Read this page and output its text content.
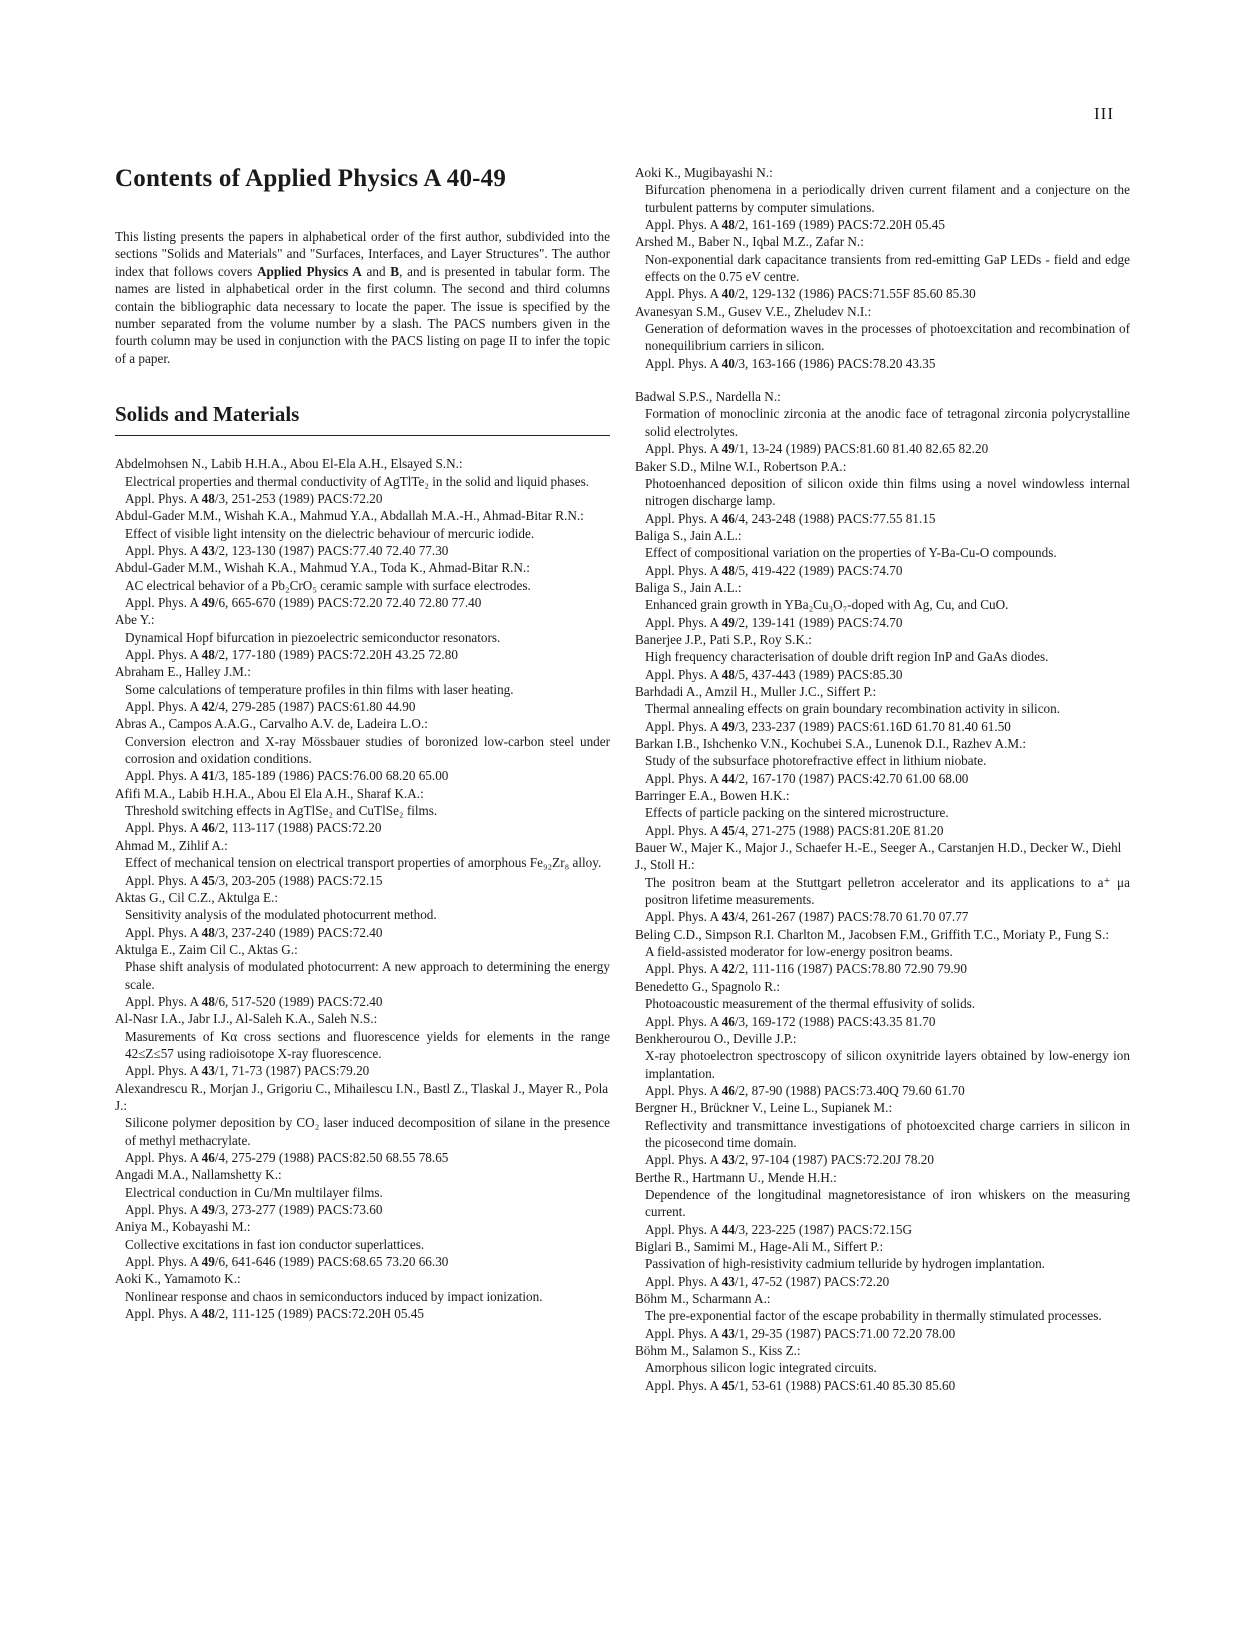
III
Contents of Applied Physics A 40-49

This listing presents the papers in alphabetical order of the first author, subdivided into the sections "Solids and Materials" and "Surfaces, Interfaces, and Layer Structures". The author index that follows covers Applied Physics A and B, and is presented in tabular form. The names are listed in alphabetical order in the first column. The second and third columns contain the bibliographic data necessary to locate the paper. The issue is specified by the number separated from the volume number by a slash. The PACS numbers given in the fourth column may be used in conjunction with the PACS listing on page II to infer the topic of a paper.

Solids and Materials
Abdelmohsen N., Labib H.H.A., Abou El-Ela A.H., Elsayed S.N.:
Electrical properties and thermal conductivity of AgTlTe₂ in the solid and liquid phases.
Appl. Phys. A 48/3, 251-253 (1989) PACS:72.20
Abdul-Gader M.M., Wishah K.A., Mahmud Y.A., Abdallah M.A.-H., Ahmad-Bitar R.N.:
Effect of visible light intensity on the dielectric behaviour of mercuric iodide.
Appl. Phys. A 43/2, 123-130 (1987) PACS:77.40 72.40 77.30
Abdul-Gader M.M., Wishah K.A., Mahmud Y.A., Toda K., Ahmad-Bitar R.N.:
AC electrical behavior of a Pb₂CrO₅ ceramic sample with surface electrodes.
Appl. Phys. A 49/6, 665-670 (1989) PACS:72.20 72.40 72.80 77.40
Abe Y.:
Dynamical Hopf bifurcation in piezoelectric semiconductor resonators.
Appl. Phys. A 48/2, 177-180 (1989) PACS:72.20H 43.25 72.80
Abraham E., Halley J.M.:
Some calculations of temperature profiles in thin films with laser heating.
Appl. Phys. A 42/4, 279-285 (1987) PACS:61.80 44.90
Abras A., Campos A.A.G., Carvalho A.V. de, Ladeira L.O.:
Conversion electron and X-ray Mössbauer studies of boronized low-carbon steel under corrosion and oxidation conditions.
Appl. Phys. A 41/3, 185-189 (1986) PACS:76.00 68.20 65.00
Afifi M.A., Labib H.H.A., Abou El Ela A.H., Sharaf K.A.:
Threshold switching effects in AgTlSe₂ and CuTlSe₂ films.
Appl. Phys. A 46/2, 113-117 (1988) PACS:72.20
Ahmad M., Zihlif A.:
Effect of mechanical tension on electrical transport properties of amorphous Fe₉₂Zr₈ alloy.
Appl. Phys. A 45/3, 203-205 (1988) PACS:72.15
Aktas G., Cil C.Z., Aktulga E.:
Sensitivity analysis of the modulated photocurrent method.
Appl. Phys. A 48/3, 237-240 (1989) PACS:72.40
Aktulga E., Zaim Cil C., Aktas G.:
Phase shift analysis of modulated photocurrent: A new approach to determining the energy scale.
Appl. Phys. A 48/6, 517-520 (1989) PACS:72.40
Al-Nasr I.A., Jabr I.J., Al-Saleh K.A., Saleh N.S.:
Masurements of Kα cross sections and fluorescence yields for elements in the range 42≤Z≤57 using radioisotope X-ray fluorescence.
Appl. Phys. A 43/1, 71-73 (1987) PACS:79.20
Alexandrescu R., Morjan J., Grigoriu C., Mihailescu I.N., Bastl Z., Tlaskal J., Mayer R., Pola J.:
Silicone polymer deposition by CO₂ laser induced decomposition of silane in the presence of methyl methacrylate.
Appl. Phys. A 46/4, 275-279 (1988) PACS:82.50 68.55 78.65
Angadi M.A., Nallamshetty K.:
Electrical conduction in Cu/Mn multilayer films.
Appl. Phys. A 49/3, 273-277 (1989) PACS:73.60
Aniya M., Kobayashi M.:
Collective excitations in fast ion conductor superlattices.
Appl. Phys. A 49/6, 641-646 (1989) PACS:68.65 73.20 66.30
Aoki K., Yamamoto K.:
Nonlinear response and chaos in semiconductors induced by impact ionization.
Appl. Phys. A 48/2, 111-125 (1989) PACS:72.20H 05.45
Aoki K., Mugibayashi N.:
Bifurcation phenomena in a periodically driven current filament and a conjecture on the turbulent patterns by computer simulations.
Appl. Phys. A 48/2, 161-169 (1989) PACS:72.20H 05.45
Arshed M., Baber N., Iqbal M.Z., Zafar N.:
Non-exponential dark capacitance transients from red-emitting GaP LEDs - field and edge effects on the 0.75 eV centre.
Appl. Phys. A 40/2, 129-132 (1986) PACS:71.55F 85.60 85.30
Avanesyan S.M., Gusev V.E., Zheludev N.I.:
Generation of deformation waves in the processes of photoexcitation and recombination of nonequilibrium carriers in silicon.
Appl. Phys. A 40/3, 163-166 (1986) PACS:78.20 43.35
Badwal S.P.S., Nardella N.:
Formation of monoclinic zirconia at the anodic face of tetragonal zirconia polycrystalline solid electrolytes.
Appl. Phys. A 49/1, 13-24 (1989) PACS:81.60 81.40 82.65 82.20
Baker S.D., Milne W.I., Robertson P.A.:
Photoenhanced deposition of silicon oxide thin films using a novel windowless internal nitrogen discharge lamp.
Appl. Phys. A 46/4, 243-248 (1988) PACS:77.55 81.15
Baliga S., Jain A.L.:
Effect of compositional variation on the properties of Y-Ba-Cu-O compounds.
Appl. Phys. A 48/5, 419-422 (1989) PACS:74.70
Baliga S., Jain A.L.:
Enhanced grain growth in YBa₂Cu₃O₇-doped with Ag, Cu, and CuO.
Appl. Phys. A 49/2, 139-141 (1989) PACS:74.70
Banerjee J.P., Pati S.P., Roy S.K.:
High frequency characterisation of double drift region InP and GaAs diodes.
Appl. Phys. A 48/5, 437-443 (1989) PACS:85.30
Barhdadi A., Amzil H., Muller J.C., Siffert P.:
Thermal annealing effects on grain boundary recombination activity in silicon.
Appl. Phys. A 49/3, 233-237 (1989) PACS:61.16D 61.70 81.40 61.50
Barkan I.B., Ishchenko V.N., Kochubei S.A., Lunenok D.I., Razhev A.M.:
Study of the subsurface photorefractive effect in lithium niobate.
Appl. Phys. A 44/2, 167-170 (1987) PACS:42.70 61.00 68.00
Barringer E.A., Bowen H.K.:
Effects of particle packing on the sintered microstructure.
Appl. Phys. A 45/4, 271-275 (1988) PACS:81.20E 81.20
Bauer W., Majer K., Major J., Schaefer H.-E., Seeger A., Carstanjen H.D., Decker W., Diehl J., Stoll H.:
The positron beam at the Stuttgart pelletron accelerator and its applications to a⁺ μa positron lifetime measurements.
Appl. Phys. A 43/4, 261-267 (1987) PACS:78.70 61.70 07.77
Beling C.D., Simpson R.I. Charlton M., Jacobsen F.M., Griffith T.C., Moriaty P., Fung S.:
A field-assisted moderator for low-energy positron beams.
Appl. Phys. A 42/2, 111-116 (1987) PACS:78.80 72.90 79.90
Benedetto G., Spagnolo R.:
Photoacoustic measurement of the thermal effusivity of solids.
Appl. Phys. A 46/3, 169-172 (1988) PACS:43.35 81.70
Benkherourou O., Deville J.P.:
X-ray photoelectron spectroscopy of silicon oxynitride layers obtained by low-energy ion implantation.
Appl. Phys. A 46/2, 87-90 (1988) PACS:73.40Q 79.60 61.70
Bergner H., Brückner V., Leine L., Supianek M.:
Reflectivity and transmittance investigations of photoexcited charge carriers in silicon in the picosecond time domain.
Appl. Phys. A 43/2, 97-104 (1987) PACS:72.20J 78.20
Berthe R., Hartmann U., Mende H.H.:
Dependence of the longitudinal magnetoresistance of iron whiskers on the measuring current.
Appl. Phys. A 44/3, 223-225 (1987) PACS:72.15G
Biglari B., Samimi M., Hage-Ali M., Siffert P.:
Passivation of high-resistivity cadmium telluride by hydrogen implantation.
Appl. Phys. A 43/1, 47-52 (1987) PACS:72.20
Böhm M., Scharmann A.:
The pre-exponential factor of the escape probability in thermally stimulated processes.
Appl. Phys. A 43/1, 29-35 (1987) PACS:71.00 72.20 78.00
Böhm M., Salamon S., Kiss Z.:
Amorphous silicon logic integrated circuits.
Appl. Phys. A 45/1, 53-61 (1988) PACS:61.40 85.30 85.60
